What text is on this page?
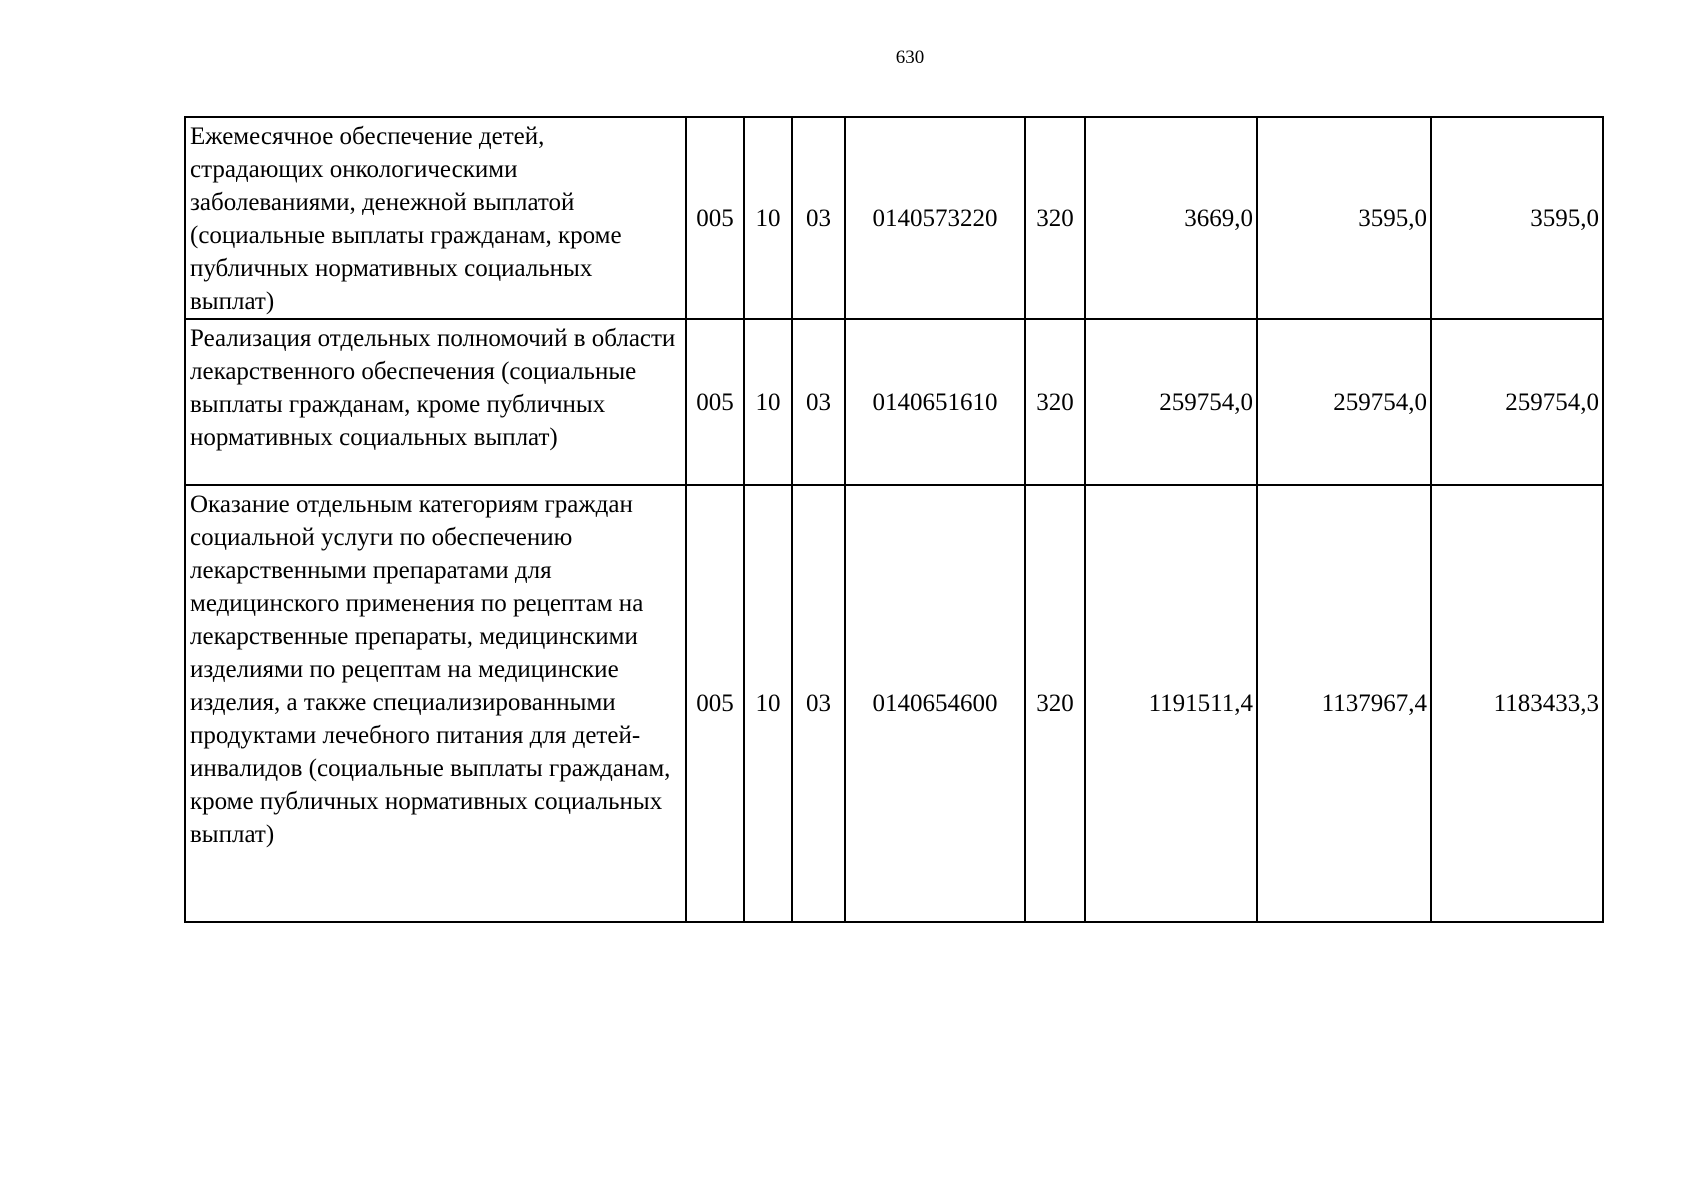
630
Ежемесячное обеспечение детей, страдающих онкологическими заболеваниями, денежной выплатой (социальные выплаты гражданам, кроме публичных нормативных социальных выплат)	005	10	03	0140573220	320	3669,0	3595,0	3595,0
Реализация отдельных полномочий в области лекарственного обеспечения (социальные выплаты гражданам, кроме публичных нормативных социальных выплат)	005	10	03	0140651610	320	259754,0	259754,0	259754,0
Оказание отдельным категориям граждан социальной услуги по обеспечению лекарственными препаратами для медицинского применения по рецептам на лекарственные препараты, медицинскими изделиями по рецептам на медицинские изделия, а также специализированными продуктами лечебного питания для детей-инвалидов (социальные выплаты гражданам, кроме публичных нормативных социальных выплат)	005	10	03	0140654600	320	1191511,4	1137967,4	1183433,3
